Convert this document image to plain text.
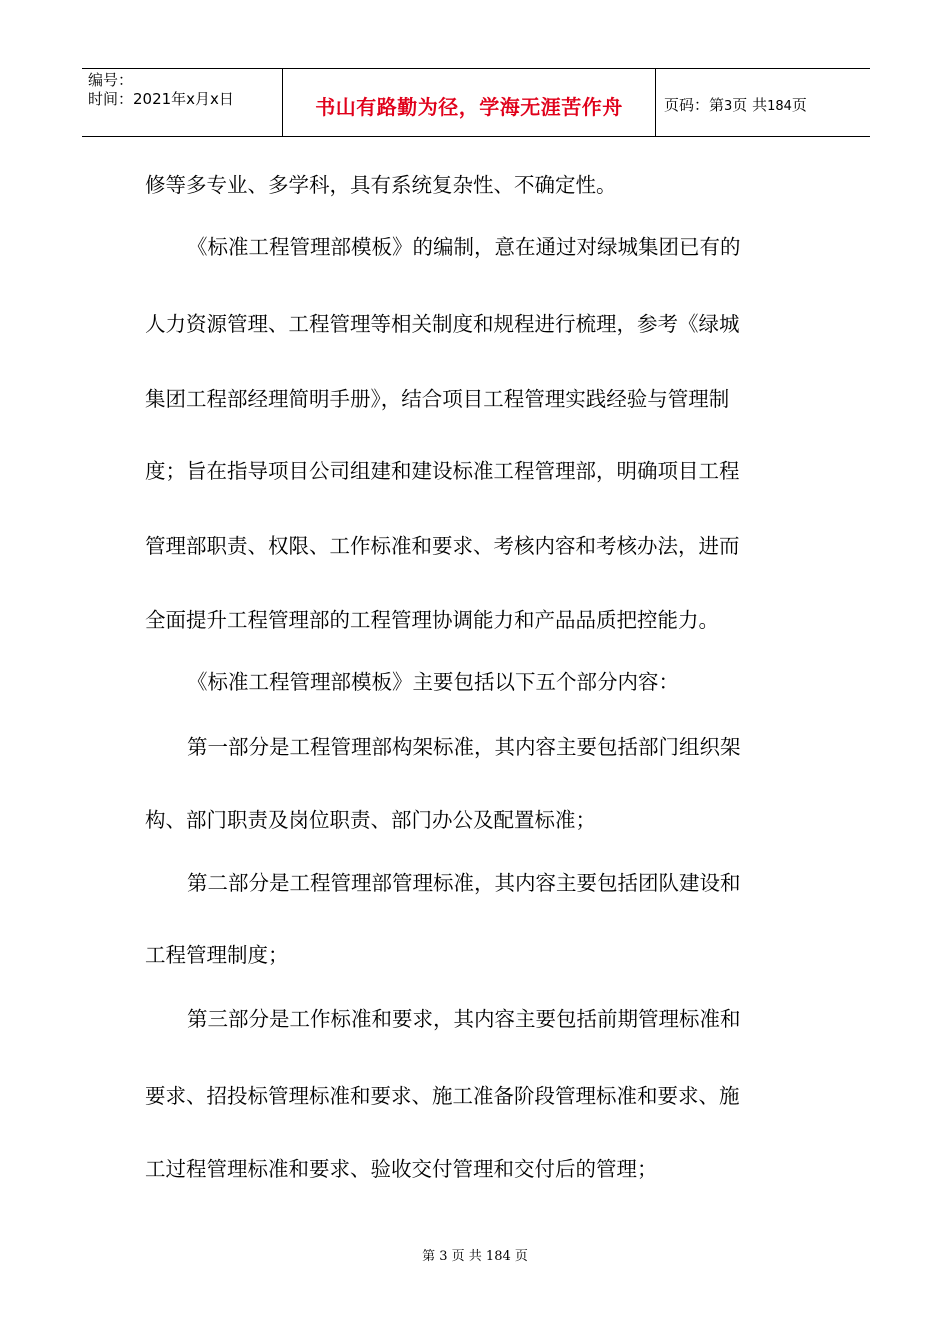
编号：
时间：2021年x月x日	书山有路勤为径，学海无涯苦作舟	页码：第3页 共184页
修等多专业、多学科，具有系统复杂性、不确定性。
《标准工程管理部模板》的编制，意在通过对绿城集团已有的
人力资源管理、工程管理等相关制度和规程进行梳理，参考《绿城
集团工程部经理简明手册》，结合项目工程管理实践经验与管理制
度；旨在指导项目公司组建和建设标准工程管理部，明确项目工程
管理部职责、权限、工作标准和要求、考核内容和考核办法，进而
全面提升工程管理部的工程管理协调能力和产品品质把控能力。
《标准工程管理部模板》主要包括以下五个部分内容：
第一部分是工程管理部构架标准，其内容主要包括部门组织架
构、部门职责及岗位职责、部门办公及配置标准；
第二部分是工程管理部管理标准，其内容主要包括团队建设和
工程管理制度；
第三部分是工作标准和要求，其内容主要包括前期管理标准和
要求、招投标管理标准和要求、施工准备阶段管理标准和要求、施
工过程管理标准和要求、验收交付管理和交付后的管理；
第 3 页 共 184 页
